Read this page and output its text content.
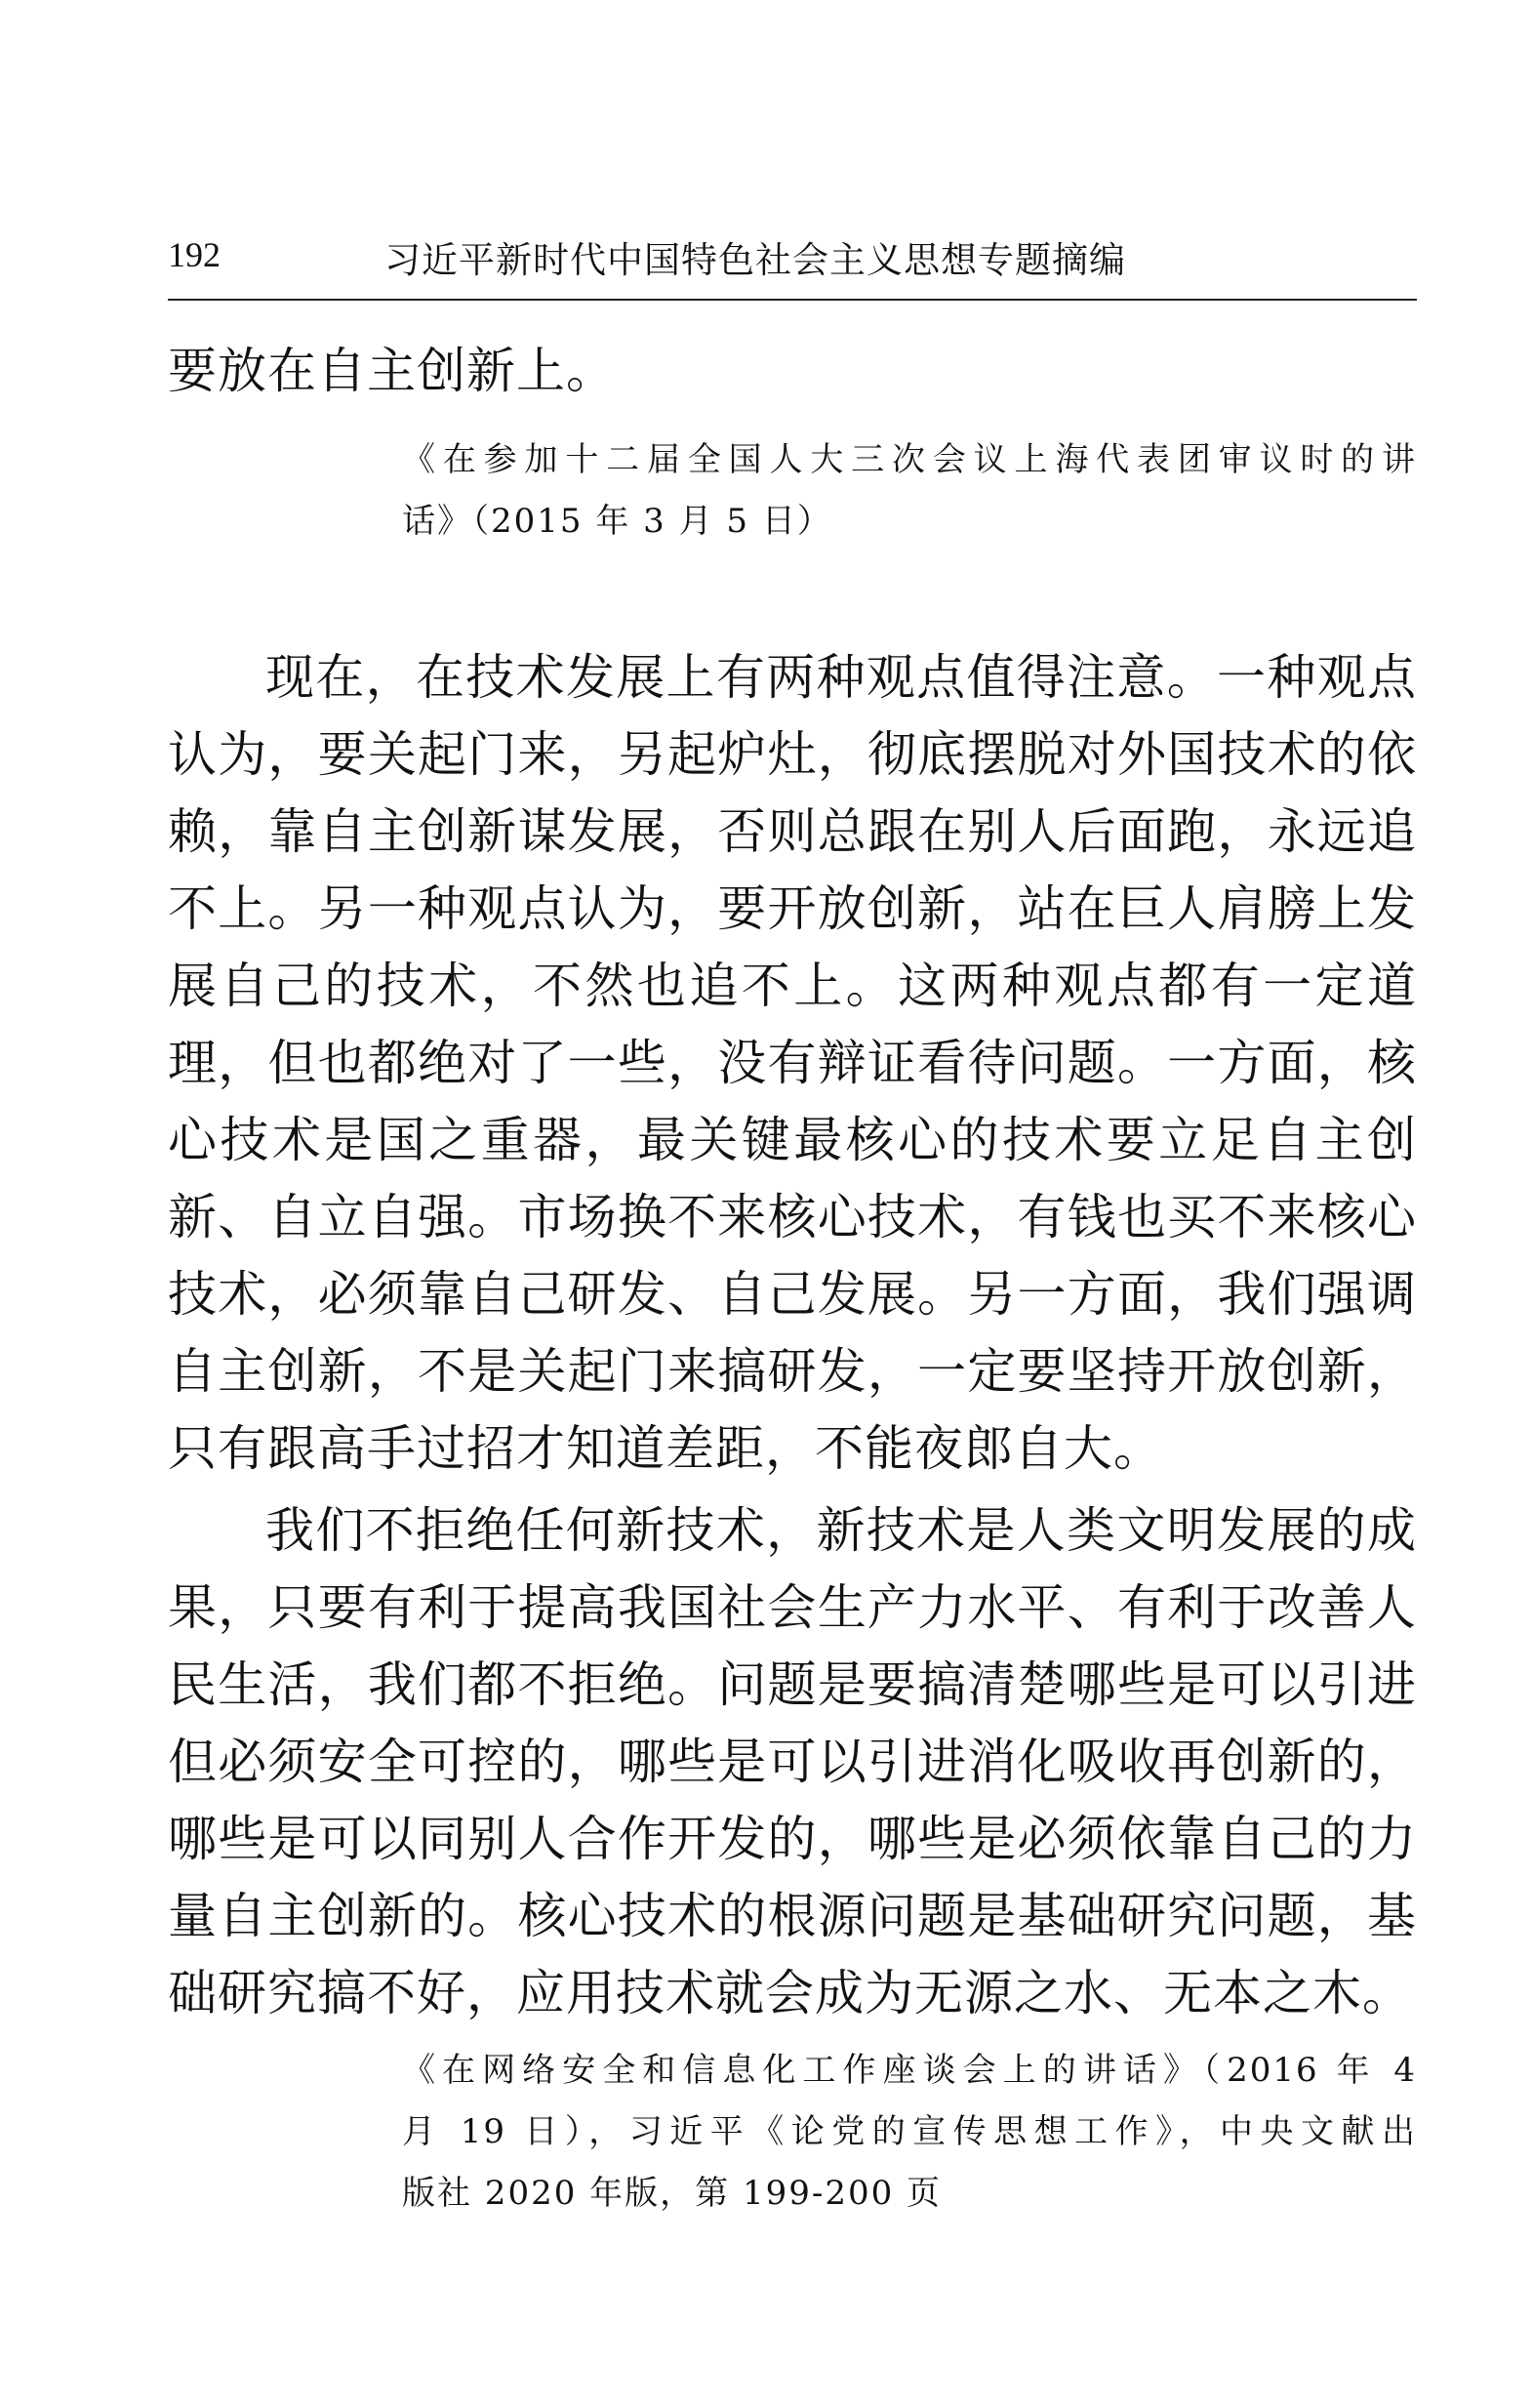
192	习近平新时代中国特色社会主义思想专题摘编
要放在自主创新上。
《在参加十二届全国人大三次会议上海代表团审议时的讲
话》（2015 年 3 月 5 日）
现在，在技术发展上有两种观点值得注意。一种观点
认为，要关起门来，另起炉灶，彻底摆脱对外国技术的依
赖，靠自主创新谋发展，否则总跟在别人后面跑，永远追
不上。另一种观点认为，要开放创新，站在巨人肩膀上发
展自己的技术，不然也追不上。这两种观点都有一定道
理，但也都绝对了一些，没有辩证看待问题。一方面，核
心技术是国之重器，最关键最核心的技术要立足自主创
新、自立自强。市场换不来核心技术，有钱也买不来核心
技术，必须靠自己研发、自己发展。另一方面，我们强调
自主创新，不是关起门来搞研发，一定要坚持开放创新，
只有跟高手过招才知道差距，不能夜郎自大。
我们不拒绝任何新技术，新技术是人类文明发展的成
果，只要有利于提高我国社会生产力水平、有利于改善人
民生活，我们都不拒绝。问题是要搞清楚哪些是可以引进
但必须安全可控的，哪些是可以引进消化吸收再创新的，
哪些是可以同别人合作开发的，哪些是必须依靠自己的力
量自主创新的。核心技术的根源问题是基础研究问题，基
础研究搞不好，应用技术就会成为无源之水、无本之木。
《在网络安全和信息化工作座谈会上的讲话》（2016 年 4
月 19 日），习近平《论党的宣传思想工作》，中央文献出
版社 2020 年版，第 199-200 页
